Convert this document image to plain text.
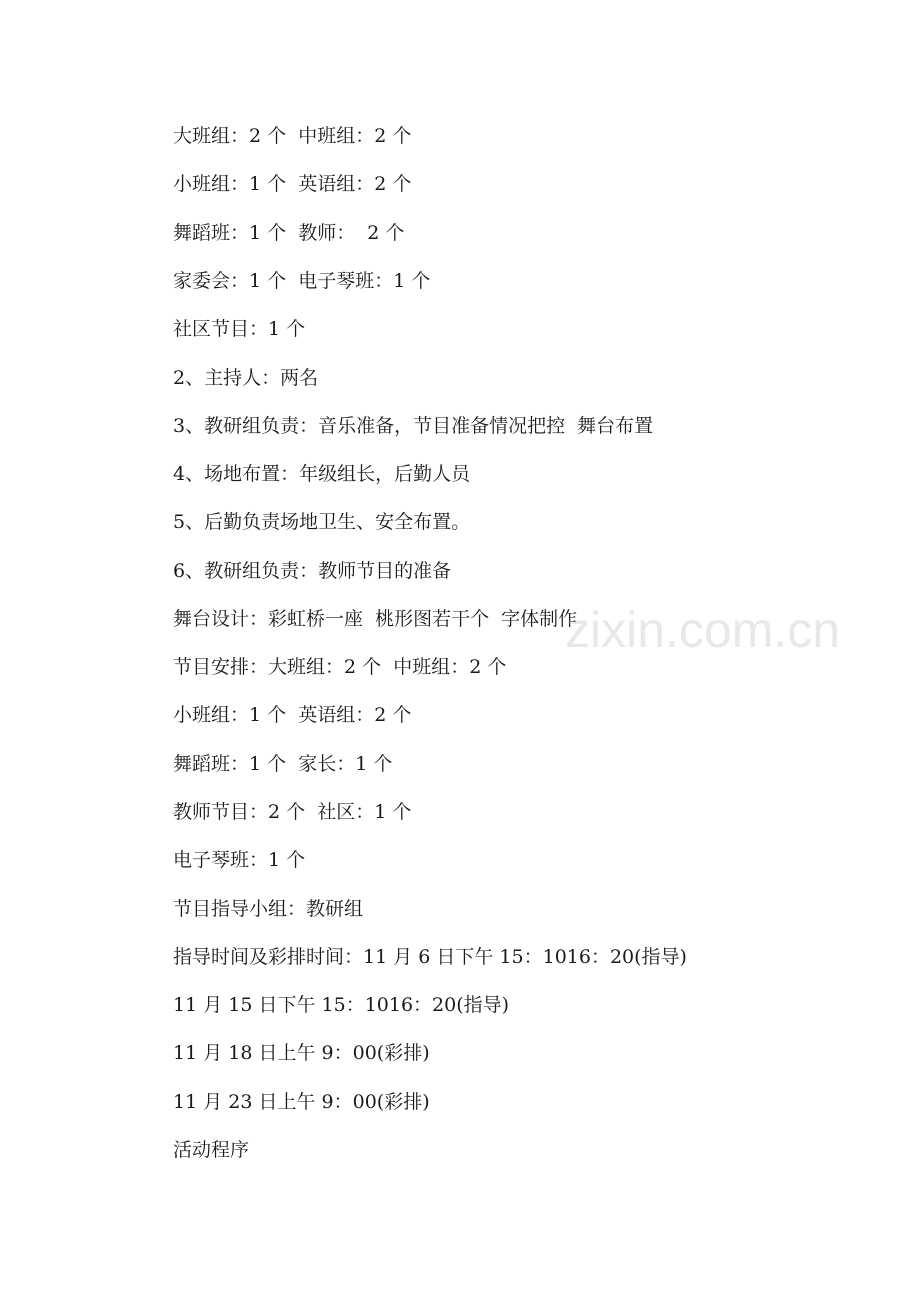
大班组：2 个  中班组：2 个
小班组：1 个  英语组：2 个
舞蹈班：1 个  教师：  2 个
家委会：1 个  电子琴班：1 个
社区节目：1 个
2、主持人：两名
3、教研组负责：音乐准备，节目准备情况把控  舞台布置
4、场地布置：年级组长，后勤人员
5、后勤负责场地卫生、安全布置。
6、教研组负责：教师节目的准备
舞台设计：彩虹桥一座  桃形图若干个  字体制作
节目安排：大班组：2 个  中班组：2 个
小班组：1 个  英语组：2 个
舞蹈班：1 个  家长：1 个
教师节目：2 个  社区：1 个
电子琴班：1 个
节目指导小组：教研组
指导时间及彩排时间：11 月 6 日下午 15：1016：20(指导)
11 月 15 日下午 15：1016：20(指导)
11 月 18 日上午 9：00(彩排)
11 月 23 日上午 9：00(彩排)
活动程序
zixin.com.cn
